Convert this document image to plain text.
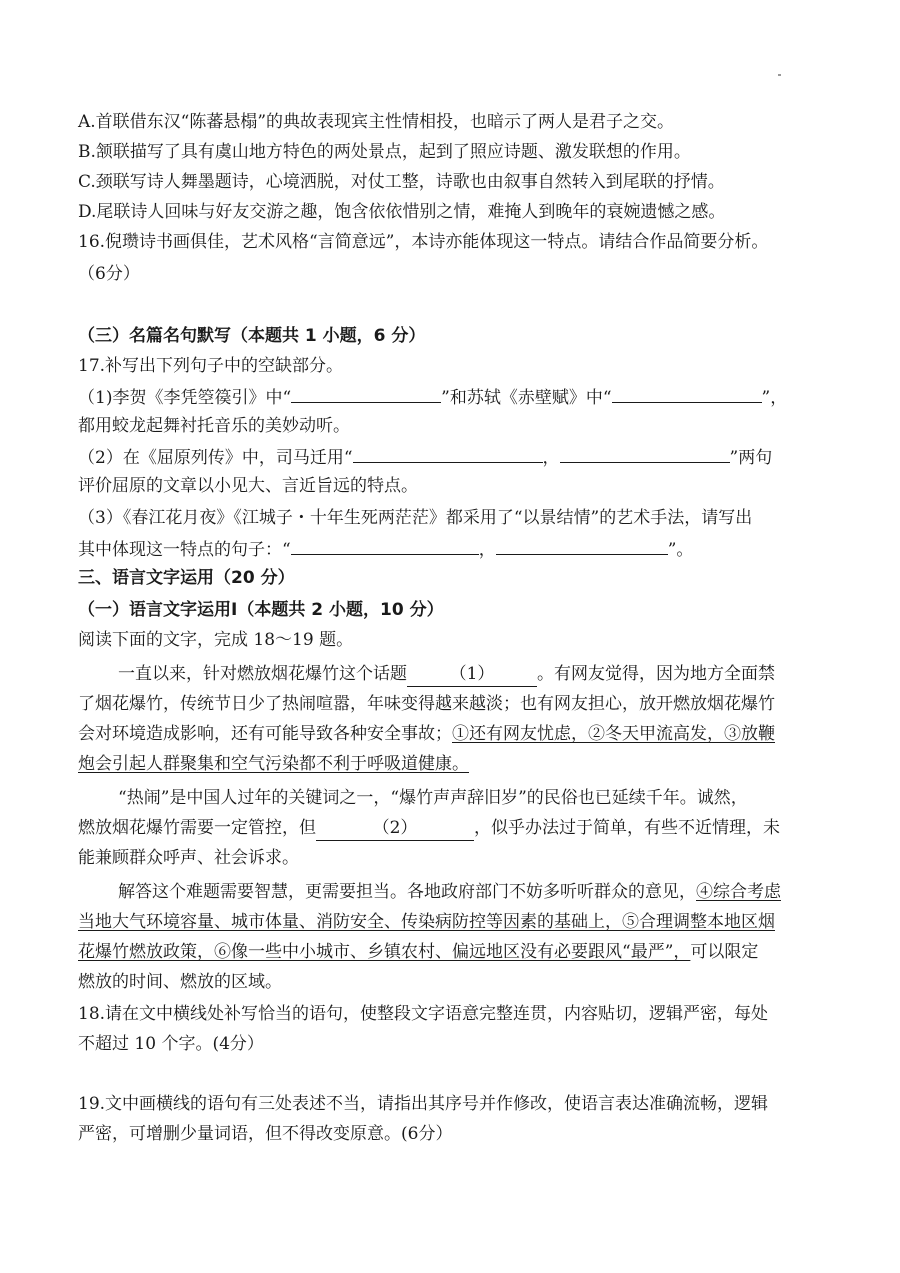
A.首联借东汉“陈蕃悬榻”的典故表现宾主性情相投，也暗示了两人是君子之交。
B.颔联描写了具有虞山地方特色的两处景点，起到了照应诗题、激发联想的作用。
C.颈联写诗人舞墨题诗，心境洒脱，对仗工整，诗歌也由叙事自然转入到尾联的抒情。
D.尾联诗人回味与好友交游之趣，饱含依依惜别之情，难掩人到晚年的衰婉遗憾之感。
16.倪瓒诗书画俱佳，艺术风格“言简意远”，本诗亦能体现这一特点。请结合作品简要分析。
（6分）
（三）名篇名句默写（本题共 1 小题，6 分）
17.补写出下列句子中的空缺部分。
（1)李贺《李凭箜篌引》中“	”和苏轼《赤壁赋》中“	”，
都用蛟龙起舞衬托音乐的美妙动听。
（2）在《屈原列传》中，司马迁用“	，	”两句
评价屈原的文章以小见大、言近旨远的特点。
（3）《春江花月夜》《江城子・十年生死两茫茫》都采用了“以景结情”的艺术手法，请写出
其中体现这一特点的句子：“	，	”。
三、语言文字运用（20 分）
（一）语言文字运用Ⅰ（本题共 2 小题，10 分）
阅读下面的文字，完成 18～19 题。
一直以来，针对燃放烟花爆竹这个话题	（1）	。有网友觉得，因为地方全面禁
了烟花爆竹，传统节日少了热闹喧嚣，年味变得越来越淡；也有网友担心，放开燃放烟花爆竹
会对环境造成影响，还有可能导致各种安全事故；①还有网友忧虑，②冬天甲流高发，③放鞭
炮会引起人群聚集和空气污染都不利于呼吸道健康。
“热闹”是中国人过年的关键词之一，“爆竹声声辞旧岁”的民俗也已延续千年。诚然，
燃放烟花爆竹需要一定管控，但	（2）	，似乎办法过于简单，有些不近情理，未
能兼顾群众呼声、社会诉求。
解答这个难题需要智慧，更需要担当。各地政府部门不妨多听听群众的意见，④综合考虑
当地大气环境容量、城市体量、消防安全、传染病防控等因素的基础上，⑤合理调整本地区烟
花爆竹燃放政策，⑥像一些中小城市、乡镇农村、偏远地区没有必要跟风“最严”，可以限定
燃放的时间、燃放的区域。
18.请在文中横线处补写恰当的语句，使整段文字语意完整连贯，内容贴切，逻辑严密，每处
不超过 10 个字。(4分）
19.文中画横线的语句有三处表述不当，请指出其序号并作修改，使语言表达准确流畅，逻辑
严密，可增删少量词语，但不得改变原意。(6分）
